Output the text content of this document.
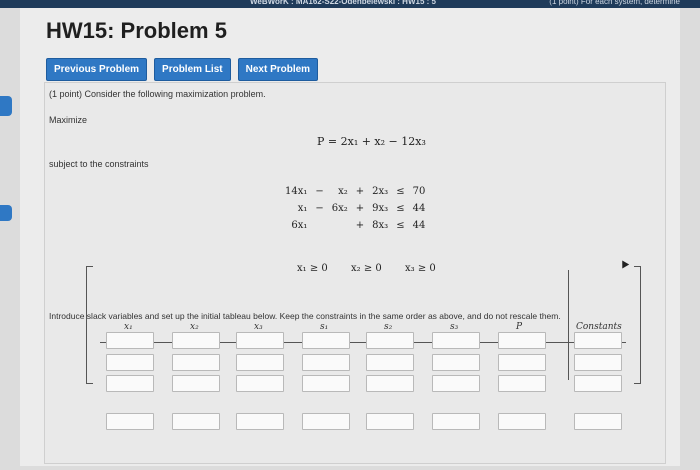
WeBWorK : MA162-S22-Odenbelewski : HW15 : 5	(1 point) For each system, determine
HW15: Problem 5
Previous Problem	Problem List	Next Problem
(1 point) Consider the following maximization problem.
Maximize
P = 2x₁ + x₂ − 12x₃
subject to the constraints
14x₁	−	x₂	+	2x₃	≤	70
x₁	−	6x₂	+	9x₃	≤	44
6x₁			+	8x₃	≤	44
x₁ ≥ 0 x₂ ≥ 0 x₃ ≥ 0
Introduce slack variables and set up the initial tableau below. Keep the constraints in the same order as above, and do not rescale them.
x₁	x₂	x₃	s₁	s₂	s₃	P	Constants
